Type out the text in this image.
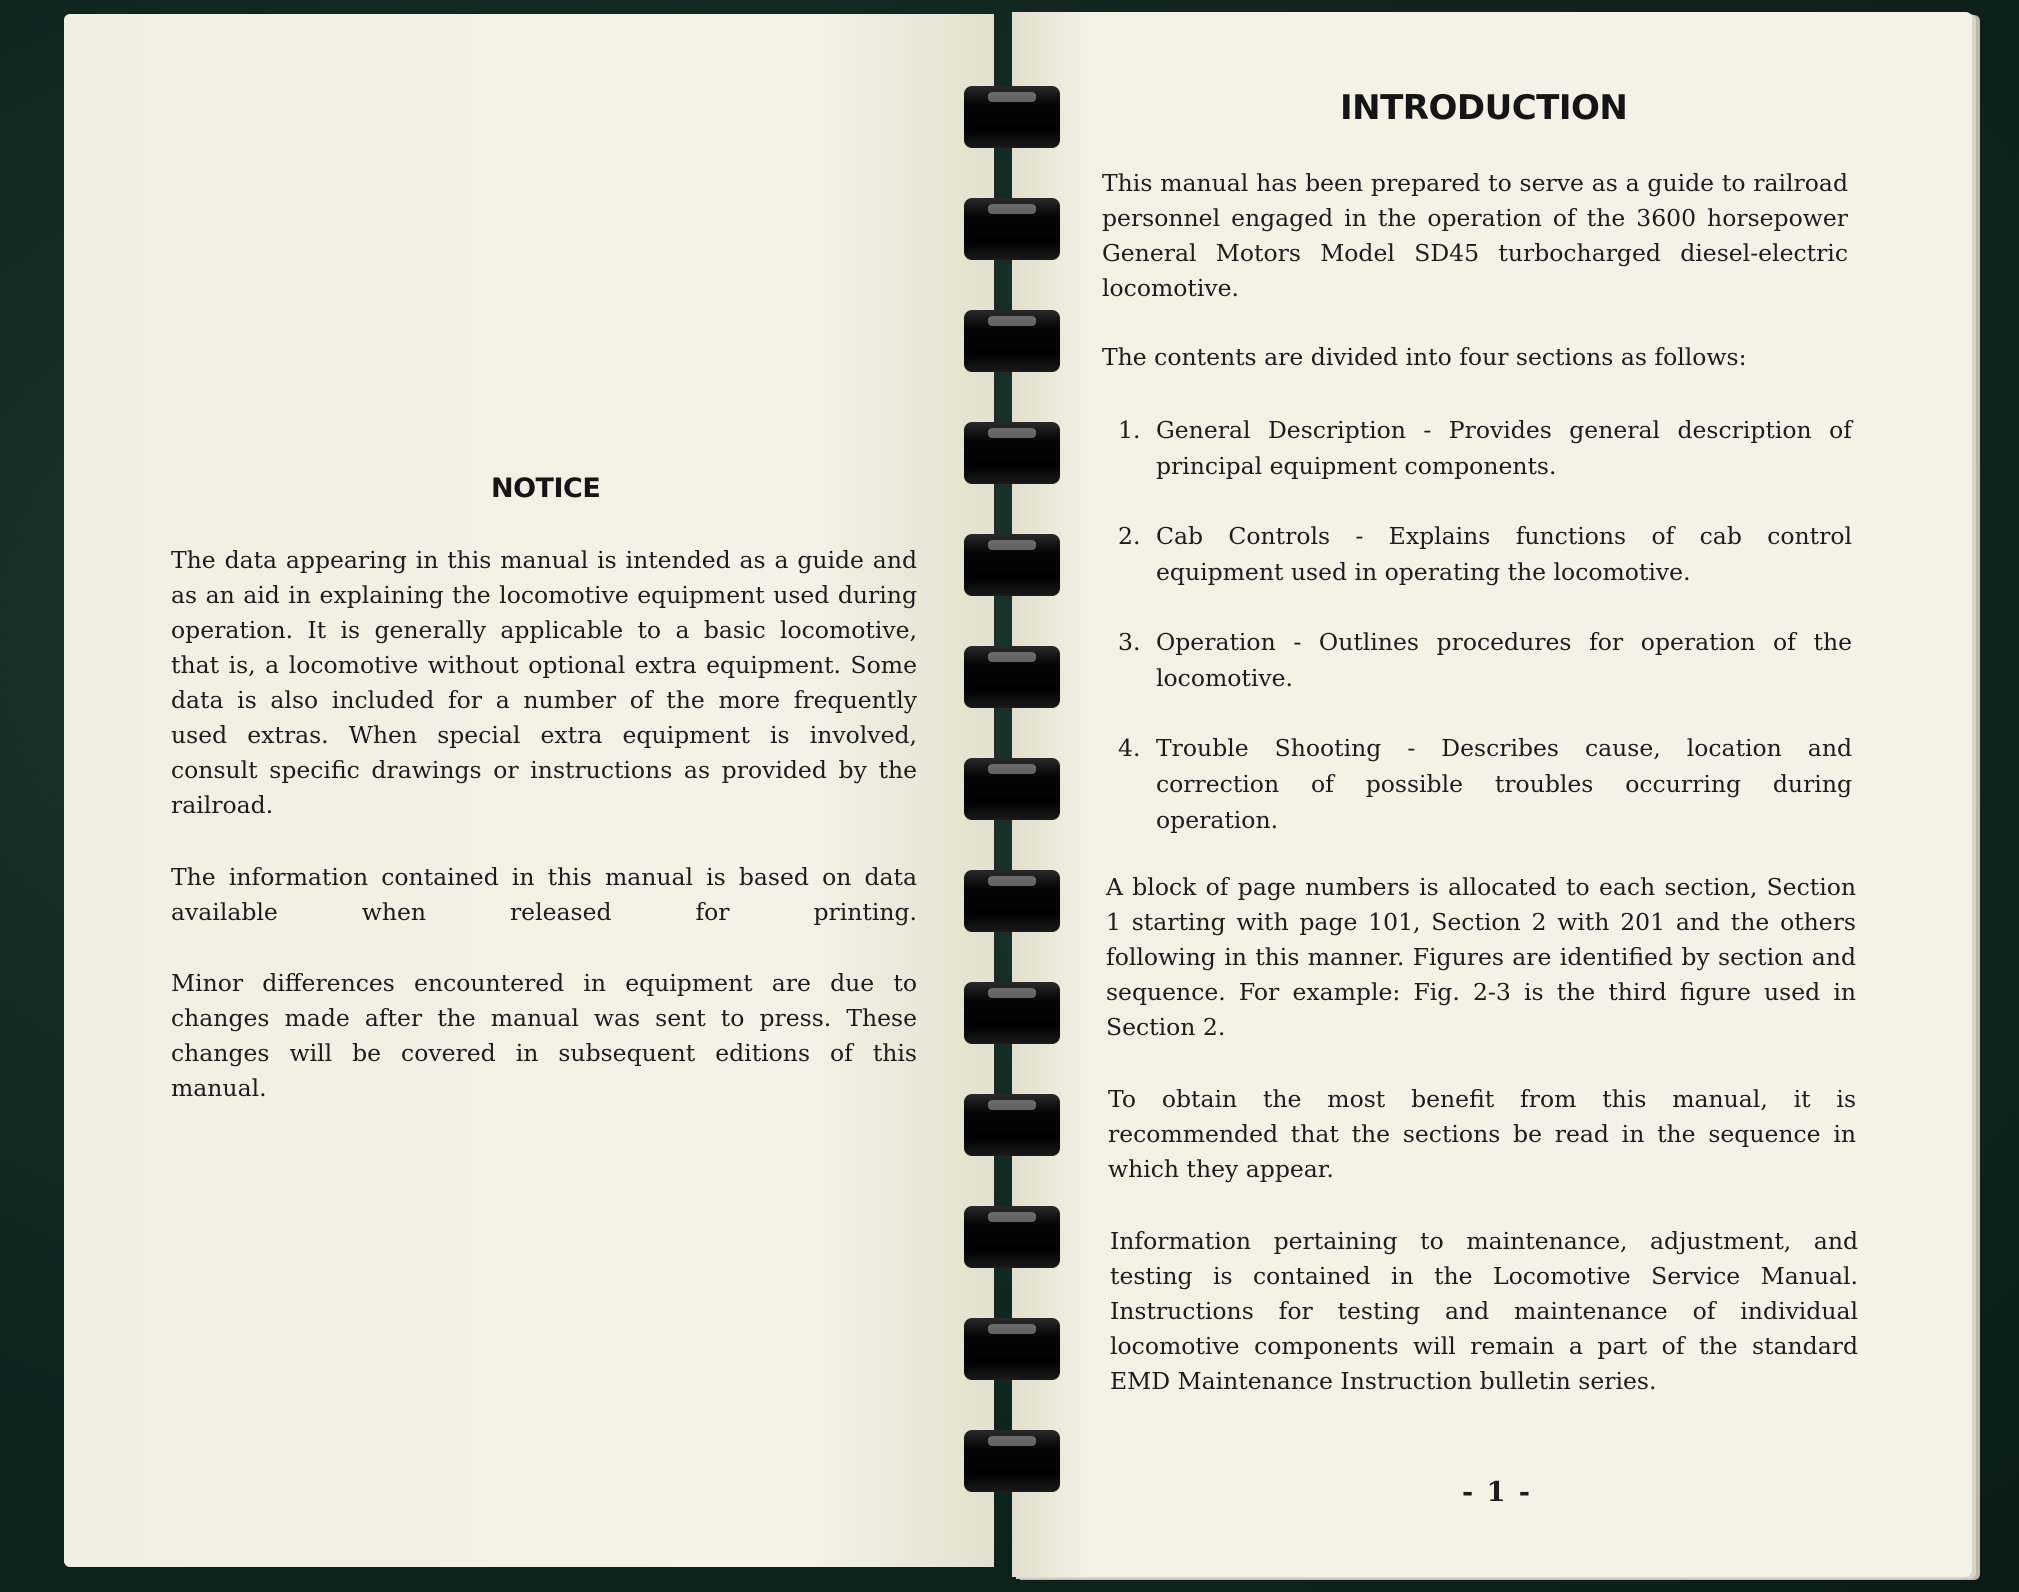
NOTICE

The data appearing in this manual is intended as a guide and as an aid in explaining the locomotive equipment used during operation. It is generally applicable to a basic locomotive, that is, a locomotive without optional extra equipment. Some data is also included for a number of the more frequently used extras. When special extra equipment is involved, consult specific drawings or instructions as provided by the railroad.

The information contained in this manual is based on data available when released for printing.

Minor differences encountered in equipment are due to changes made after the manual was sent to press. These changes will be covered in subsequent editions of this manual.

INTRODUCTION

This manual has been prepared to serve as a guide to railroad personnel engaged in the operation of the 3600 horsepower General Motors Model SD45 turbocharged diesel-electric locomotive.

The contents are divided into four sections as follows:

1. General Description - Provides general description of principal equipment components.
2. Cab Controls - Explains functions of cab control equipment used in operating the locomotive.
3. Operation - Outlines procedures for operation of the locomotive.
4. Trouble Shooting - Describes cause, location and correction of possible troubles occurring during operation.

A block of page numbers is allocated to each section, Section 1 starting with page 101, Section 2 with 201 and the others following in this manner. Figures are identified by section and sequence. For example: Fig. 2-3 is the third figure used in Section 2.

To obtain the most benefit from this manual, it is recommended that the sections be read in the sequence in which they appear.

Information pertaining to maintenance, adjustment, and testing is contained in the Locomotive Service Manual. Instructions for testing and maintenance of individual locomotive components will remain a part of the standard EMD Maintenance Instruction bulletin series.

- 1 -
